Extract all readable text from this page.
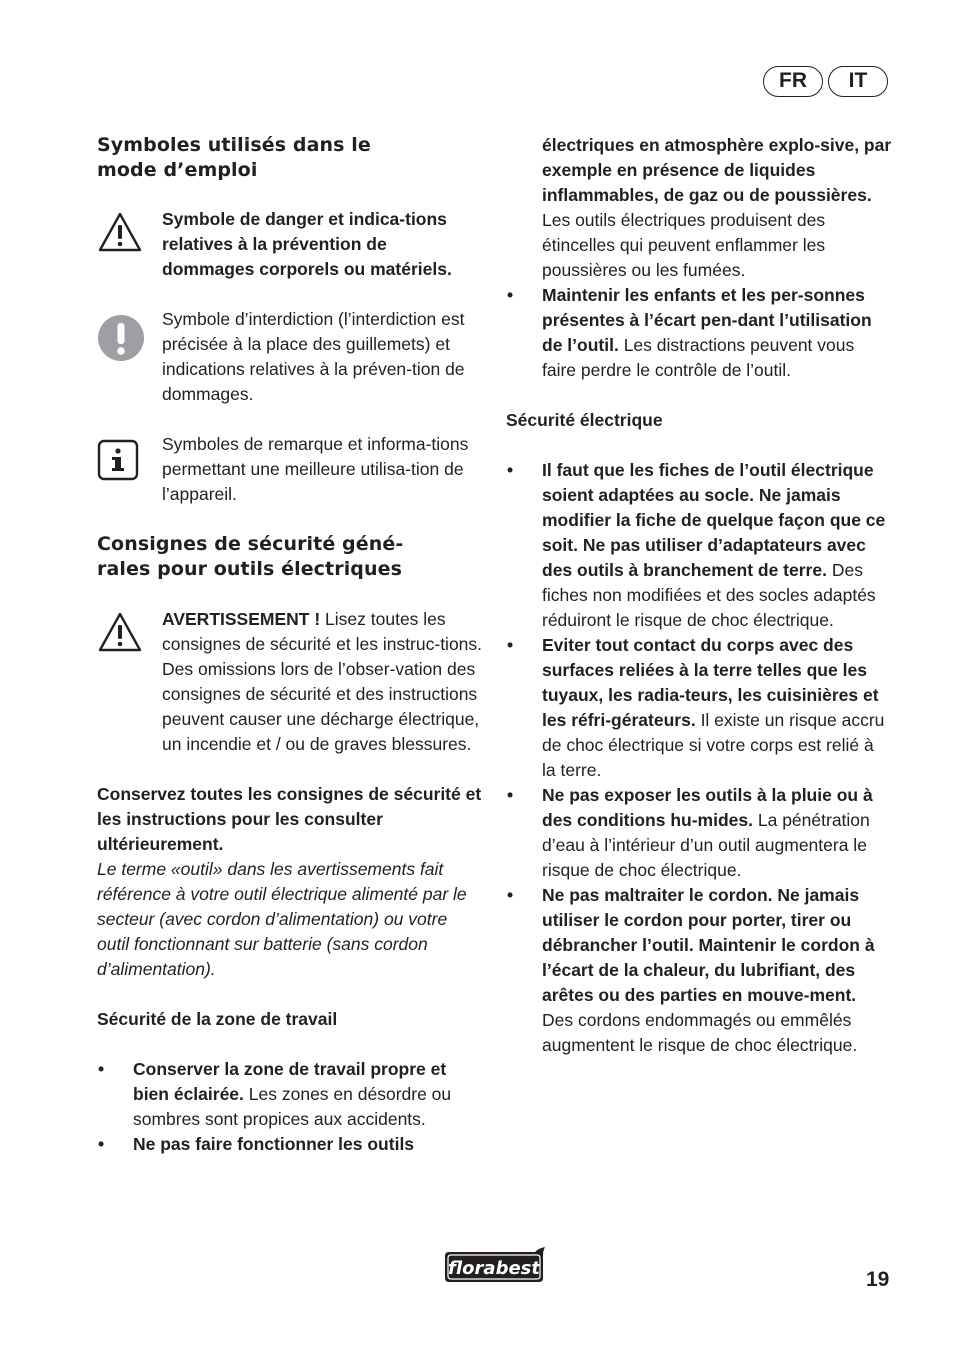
FR	IT
Symboles utilisés dans le
mode d’emploi

Symbole de danger et indica-tions relatives à la prévention de dommages corporels ou matériels.

Symbole d’interdiction (l’interdiction est précisée à la place des guillemets) et indications relatives à la préven-tion de dommages.

Symboles de remarque et informa-tions permettant une meilleure utilisa-tion de l’appareil.

Consignes de sécurité géné-
rales pour outils électriques

AVERTISSEMENT ! Lisez toutes les consignes de sécurité et les instruc-tions. Des omissions lors de l’obser-vation des consignes de sécurité et des instructions peuvent causer une décharge électrique, un incendie et / ou de graves blessures.

Conservez toutes les consignes de sécurité et les instructions pour les consulter ultérieurement.

Le terme «outil» dans les avertissements fait référence à votre outil électrique alimenté par le secteur (avec cordon d’alimentation) ou votre outil fonctionnant sur batterie (sans cordon d’alimentation).

Sécurité de la zone de travail

• Conserver la zone de travail propre et bien éclairée. Les zones en désordre ou sombres sont propices aux accidents.
• Ne pas faire fonctionner les outils
électriques en atmosphère explo-sive, par exemple en présence de liquides inflammables, de gaz ou de poussières. Les outils électriques produisent des étincelles qui peuvent enflammer les poussières ou les fumées.
• Maintenir les enfants et les per-sonnes présentes à l’écart pen-dant l’utilisation de l’outil. Les distractions peuvent vous faire perdre le contrôle de l’outil.

Sécurité électrique

• Il faut que les fiches de l’outil électrique soient adaptées au socle. Ne jamais modifier la fiche de quelque façon que ce soit. Ne pas utiliser d’adaptateurs avec des outils à branchement de terre. Des fiches non modifiées et des socles adaptés réduiront le risque de choc électrique.
• Eviter tout contact du corps avec des surfaces reliées à la terre telles que les tuyaux, les radia-teurs, les cuisinières et les réfri-gérateurs. Il existe un risque accru de choc électrique si votre corps est relié à la terre.
• Ne pas exposer les outils à la pluie ou à des conditions hu-mides. La pénétration d’eau à l’intérieur d’un outil augmentera le risque de choc électrique.
• Ne pas maltraiter le cordon. Ne jamais utiliser le cordon pour porter, tirer ou débrancher l’outil. Maintenir le cordon à l’écart de la chaleur, du lubrifiant, des arêtes ou des parties en mouve-ment. Des cordons endommagés ou emmêlés augmentent le risque de choc électrique.
florabest	19
